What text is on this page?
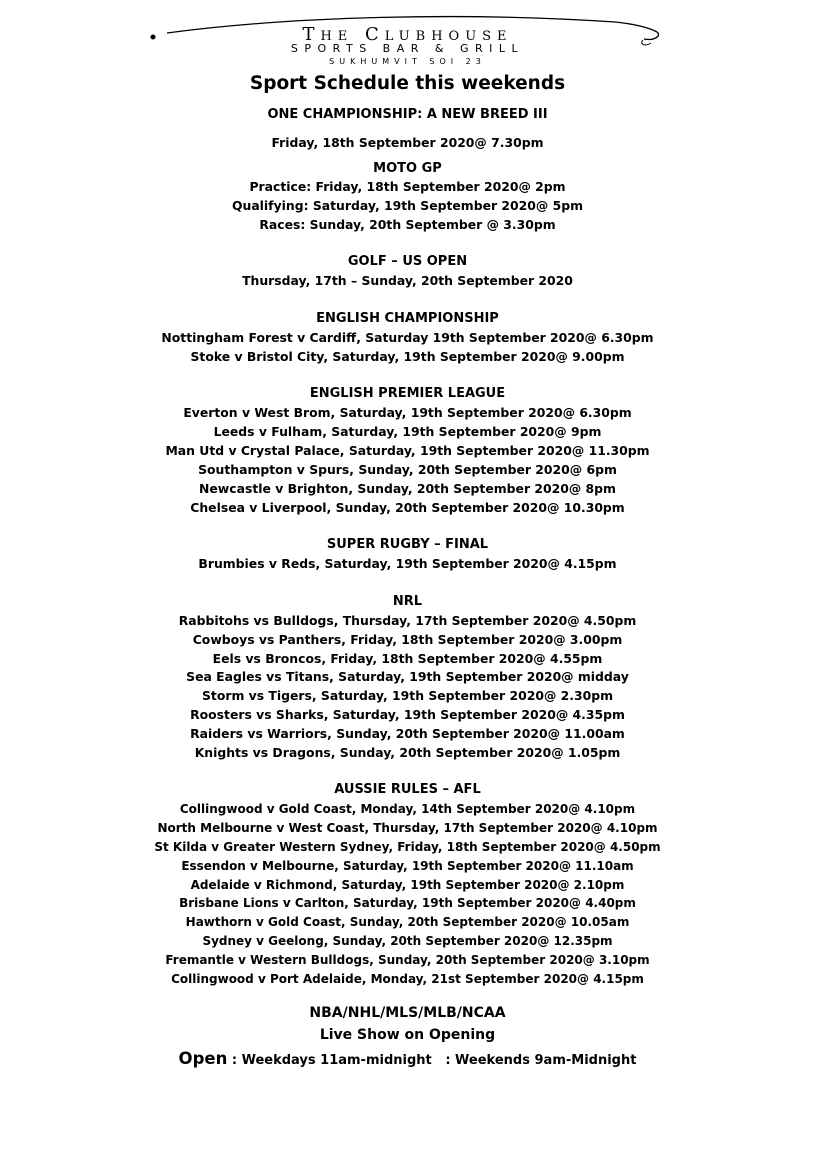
The Clubhouse
SPORTS BAR & GRILL
SUKHUMVIT SOI 23
Sport Schedule this weekends
ONE CHAMPIONSHIP: A NEW BREED III
Friday, 18th September 2020@ 7.30pm
MOTO GP
Practice: Friday, 18th September 2020@ 2pm
Qualifying: Saturday, 19th September 2020@ 5pm
Races: Sunday, 20th September @ 3.30pm
GOLF – US OPEN
Thursday, 17th – Sunday, 20th September 2020
ENGLISH CHAMPIONSHIP
Nottingham Forest v Cardiff, Saturday 19th September 2020@ 6.30pm
Stoke v Bristol City, Saturday, 19th September 2020@ 9.00pm
ENGLISH PREMIER LEAGUE
Everton v West Brom, Saturday, 19th September 2020@ 6.30pm
Leeds v Fulham, Saturday, 19th September 2020@ 9pm
Man Utd v Crystal Palace, Saturday, 19th September 2020@ 11.30pm
Southampton v Spurs, Sunday, 20th September 2020@ 6pm
Newcastle v Brighton, Sunday, 20th September 2020@ 8pm
Chelsea v Liverpool, Sunday, 20th September 2020@ 10.30pm
SUPER RUGBY – FINAL
Brumbies v Reds, Saturday, 19th September 2020@ 4.15pm
NRL
Rabbitohs vs Bulldogs, Thursday, 17th September 2020@ 4.50pm
Cowboys vs Panthers, Friday, 18th September 2020@ 3.00pm
Eels vs Broncos, Friday, 18th September 2020@ 4.55pm
Sea Eagles vs Titans, Saturday, 19th September 2020@ midday
Storm vs Tigers, Saturday, 19th September 2020@ 2.30pm
Roosters vs Sharks, Saturday, 19th September 2020@ 4.35pm
Raiders vs Warriors, Sunday, 20th September 2020@ 11.00am
Knights vs Dragons, Sunday, 20th September 2020@ 1.05pm
AUSSIE RULES – AFL
Collingwood v Gold Coast, Monday, 14th September 2020@ 4.10pm
North Melbourne v West Coast, Thursday, 17th September 2020@ 4.10pm
St Kilda v Greater Western Sydney, Friday, 18th September 2020@ 4.50pm
Essendon v Melbourne, Saturday, 19th September 2020@ 11.10am
Adelaide v Richmond, Saturday, 19th September 2020@ 2.10pm
Brisbane Lions v Carlton, Saturday, 19th September 2020@ 4.40pm
Hawthorn v Gold Coast, Sunday, 20th September 2020@ 10.05am
Sydney v Geelong, Sunday, 20th September 2020@ 12.35pm
Fremantle v Western Bulldogs, Sunday, 20th September 2020@ 3.10pm
Collingwood v Port Adelaide, Monday, 21st September 2020@ 4.15pm
NBA/NHL/MLS/MLB/NCAA
Live Show on Opening
Open : Weekdays 11am-midnight   : Weekends 9am-Midnight
